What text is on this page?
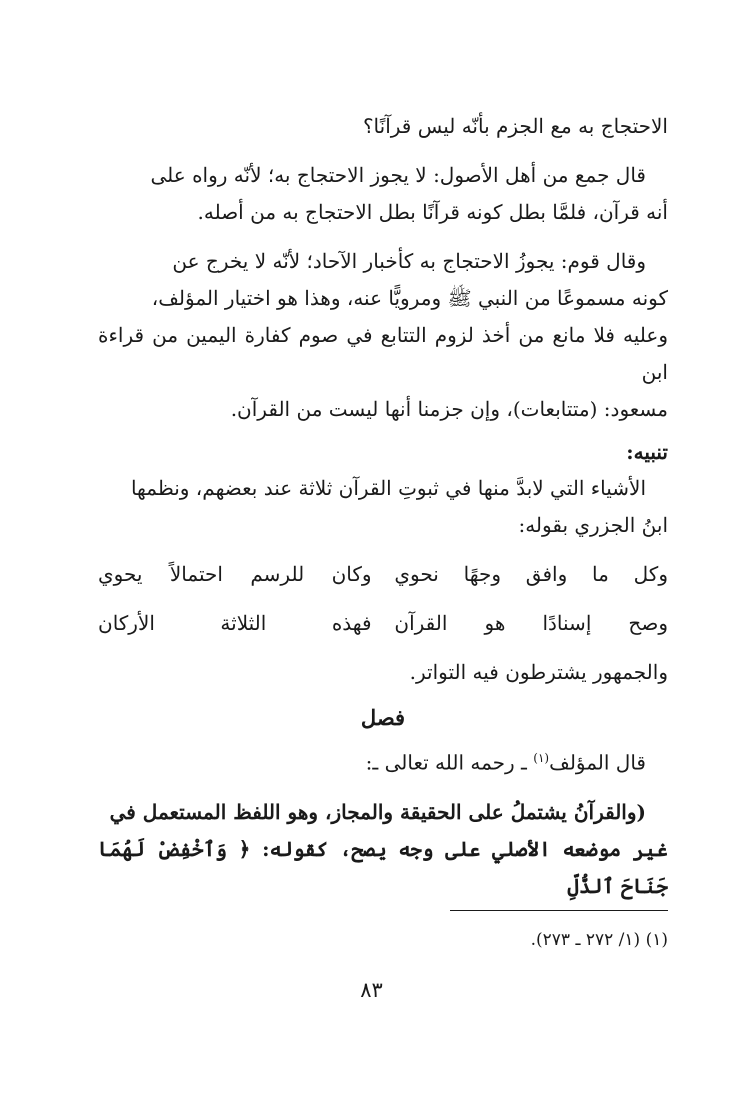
الاحتجاج به مع الجزم بأنّه ليس قرآنًا؟

قال جمع من أهل الأصول: لا يجوز الاحتجاج به؛ لأنّه رواه على

أنه قرآن، فلمَّا بطل كونه قرآنًا بطل الاحتجاج به من أصله.

وقال قوم: يجوزُ الاحتجاج به كأخبار الآحاد؛ لأنّه لا يخرج عن

كونه مسموعًا من النبي ﷺ ومرويًّا عنه، وهذا هو اختيار المؤلف،

وعليه فلا مانع من أخذ لزوم التتابع في صوم كفارة اليمين من قراءة ابن

مسعود: (متتابعات)، وإن جزمنا أنها ليست من القرآن.

تنبيه:

الأشياء التي لابدَّ منها في ثبوتِ القرآن ثلاثة عند بعضهم، ونظمها

ابنُ الجزري بقوله:

وكل ما وافق وجهًا نحوي
وكان للرسم احتمالاً يحوي
وصح إسنادًا هو القرآن
فهذه الثلاثة الأركان

والجمهور يشترطون فيه التواتر.

فصل

قال المؤلف$^{(١)}$ ـ رحمه الله تعالى ـ:

(والقرآنُ يشتملُ على الحقيقة والمجاز، وهو اللفظ المستعمل في

غير موضعه الأصلي على وجه يصح، كقوله: ﴿ وَٱخْفِضْ لَهُمَا جَنَاحَ ٱلذُّلِّ

(١) (١/ ٢٧٢ ـ ٢٧٣).
٨٣
